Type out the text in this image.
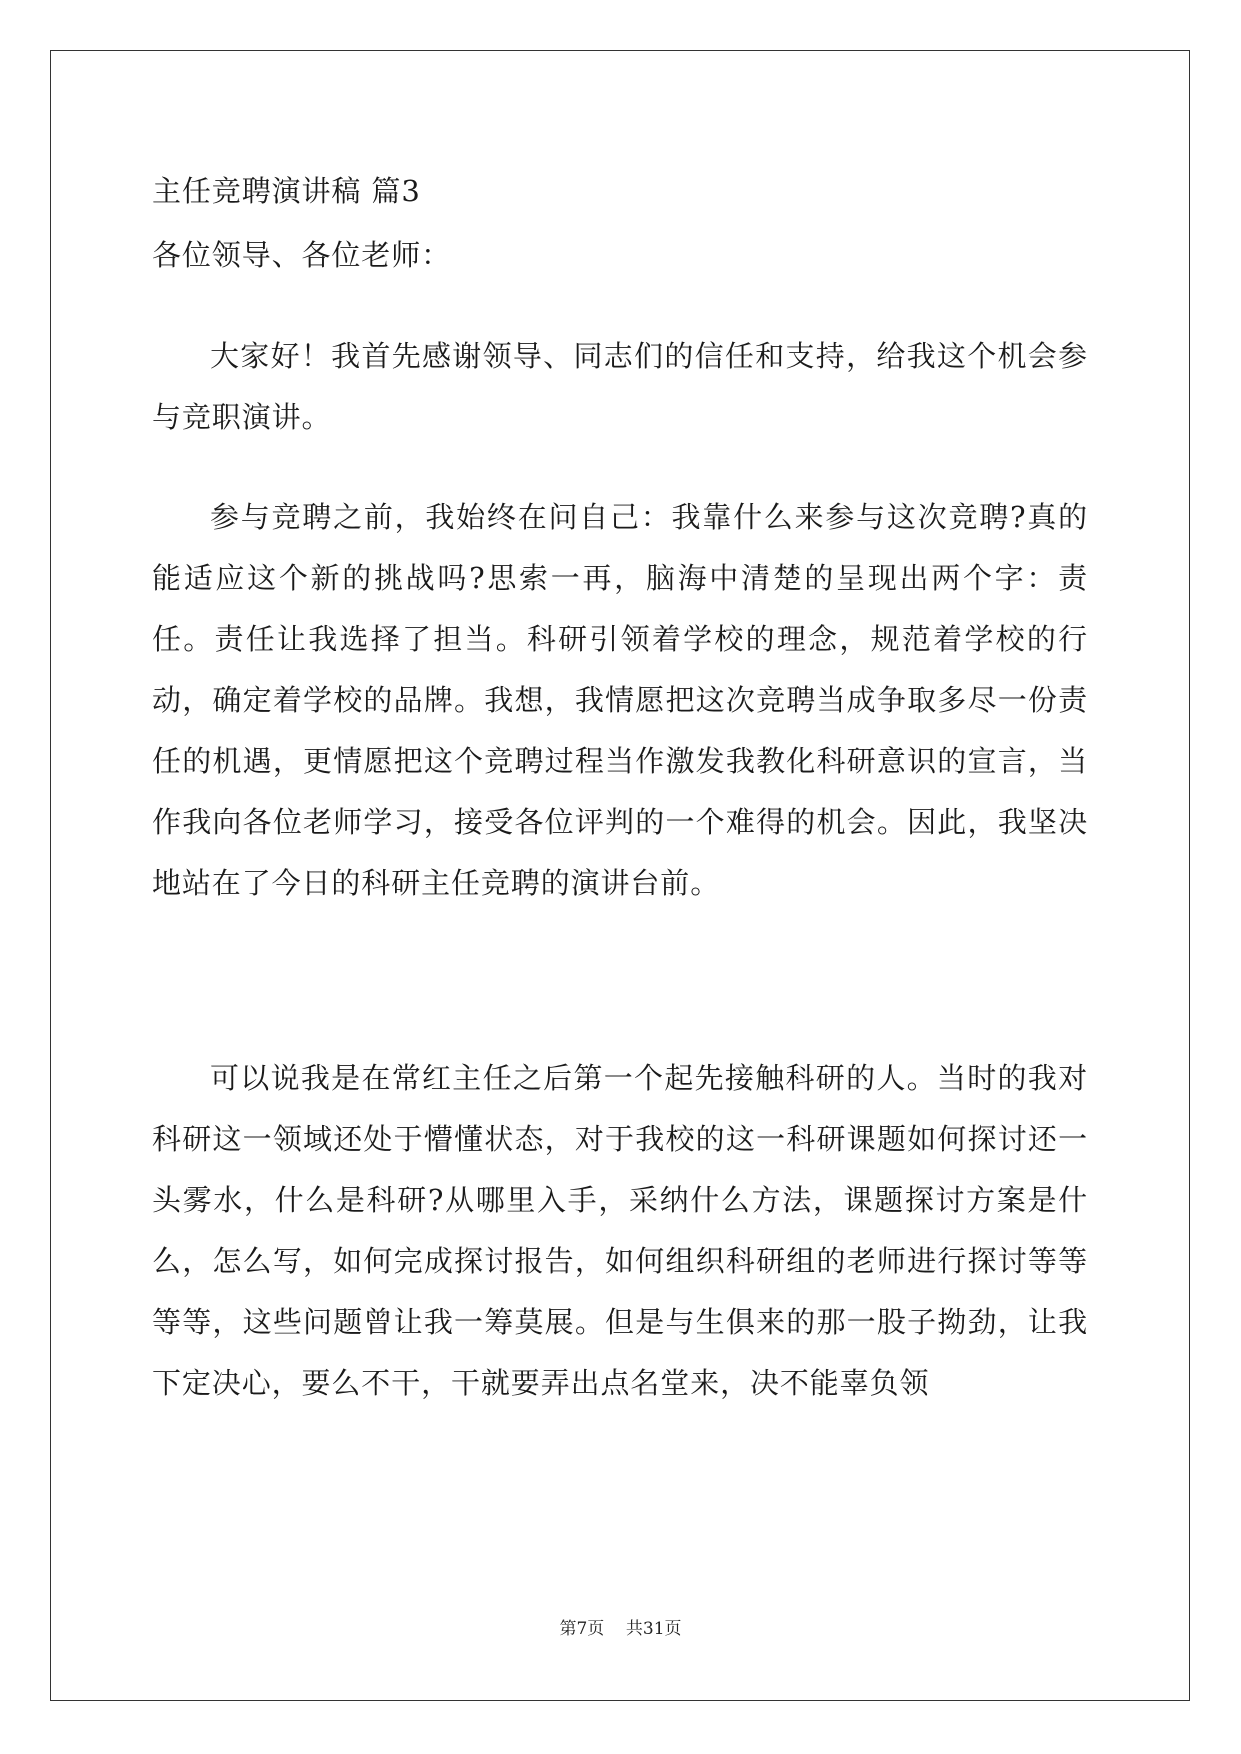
主任竞聘演讲稿 篇3

各位领导、各位老师：

大家好！我首先感谢领导、同志们的信任和支持，给我这个机会参与竞职演讲。

参与竞聘之前，我始终在问自己：我靠什么来参与这次竞聘?真的能适应这个新的挑战吗?思索一再，脑海中清楚的呈现出两个字：责任。责任让我选择了担当。科研引领着学校的理念，规范着学校的行动，确定着学校的品牌。我想，我情愿把这次竞聘当成争取多尽一份责任的机遇，更情愿把这个竞聘过程当作激发我教化科研意识的宣言，当作我向各位老师学习，接受各位评判的一个难得的机会。因此，我坚决地站在了今日的科研主任竞聘的演讲台前。

可以说我是在常红主任之后第一个起先接触科研的人。当时的我对科研这一领域还处于懵懂状态，对于我校的这一科研课题如何探讨还一头雾水，什么是科研?从哪里入手，采纳什么方法，课题探讨方案是什么，怎么写，如何完成探讨报告，如何组织科研组的老师进行探讨等等等等，这些问题曾让我一筹莫展。但是与生俱来的那一股子拗劲，让我下定决心，要么不干，干就要弄出点名堂来，决不能辜负领

第7页 共31页
